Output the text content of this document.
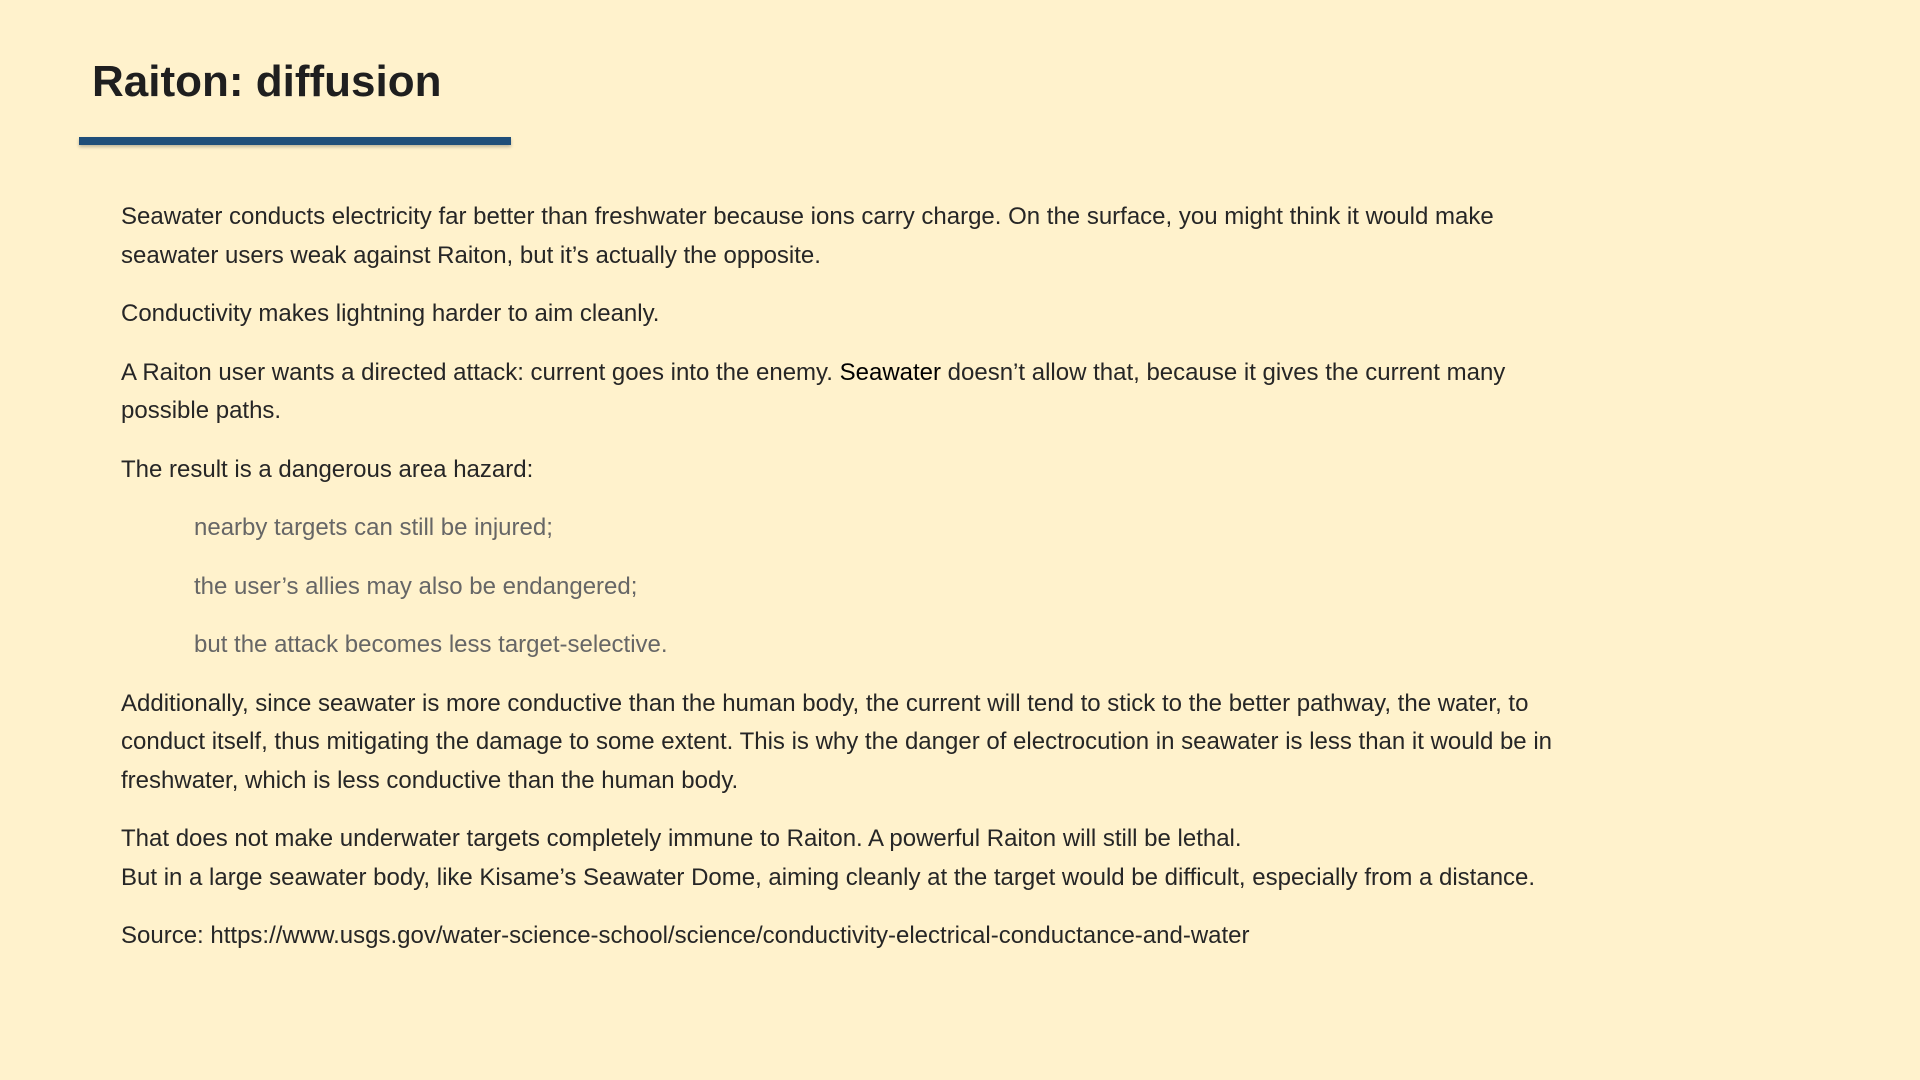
Raiton: diffusion

Seawater conducts electricity far better than freshwater because ions carry charge. On the surface, you might think it would make seawater users weak against Raiton, but it’s actually the opposite.

Conductivity makes lightning harder to aim cleanly.

A Raiton user wants a directed attack: current goes into the enemy. Seawater doesn’t allow that, because it gives the current many possible paths.

The result is a dangerous area hazard:

nearby targets can still be injured;

the user’s allies may also be endangered;

but the attack becomes less target-selective.

Additionally, since seawater is more conductive than the human body, the current will tend to stick to the better pathway, the water, to conduct itself, thus mitigating the damage to some extent. This is why the danger of electrocution in seawater is less than it would be in freshwater, which is less conductive than the human body.

That does not make underwater targets completely immune to Raiton. A powerful Raiton will still be lethal.
But in a large seawater body, like Kisame’s Seawater Dome, aiming cleanly at the target would be difficult, especially from a distance.

Source: https://www.usgs.gov/water-science-school/science/conductivity-electrical-conductance-and-water
